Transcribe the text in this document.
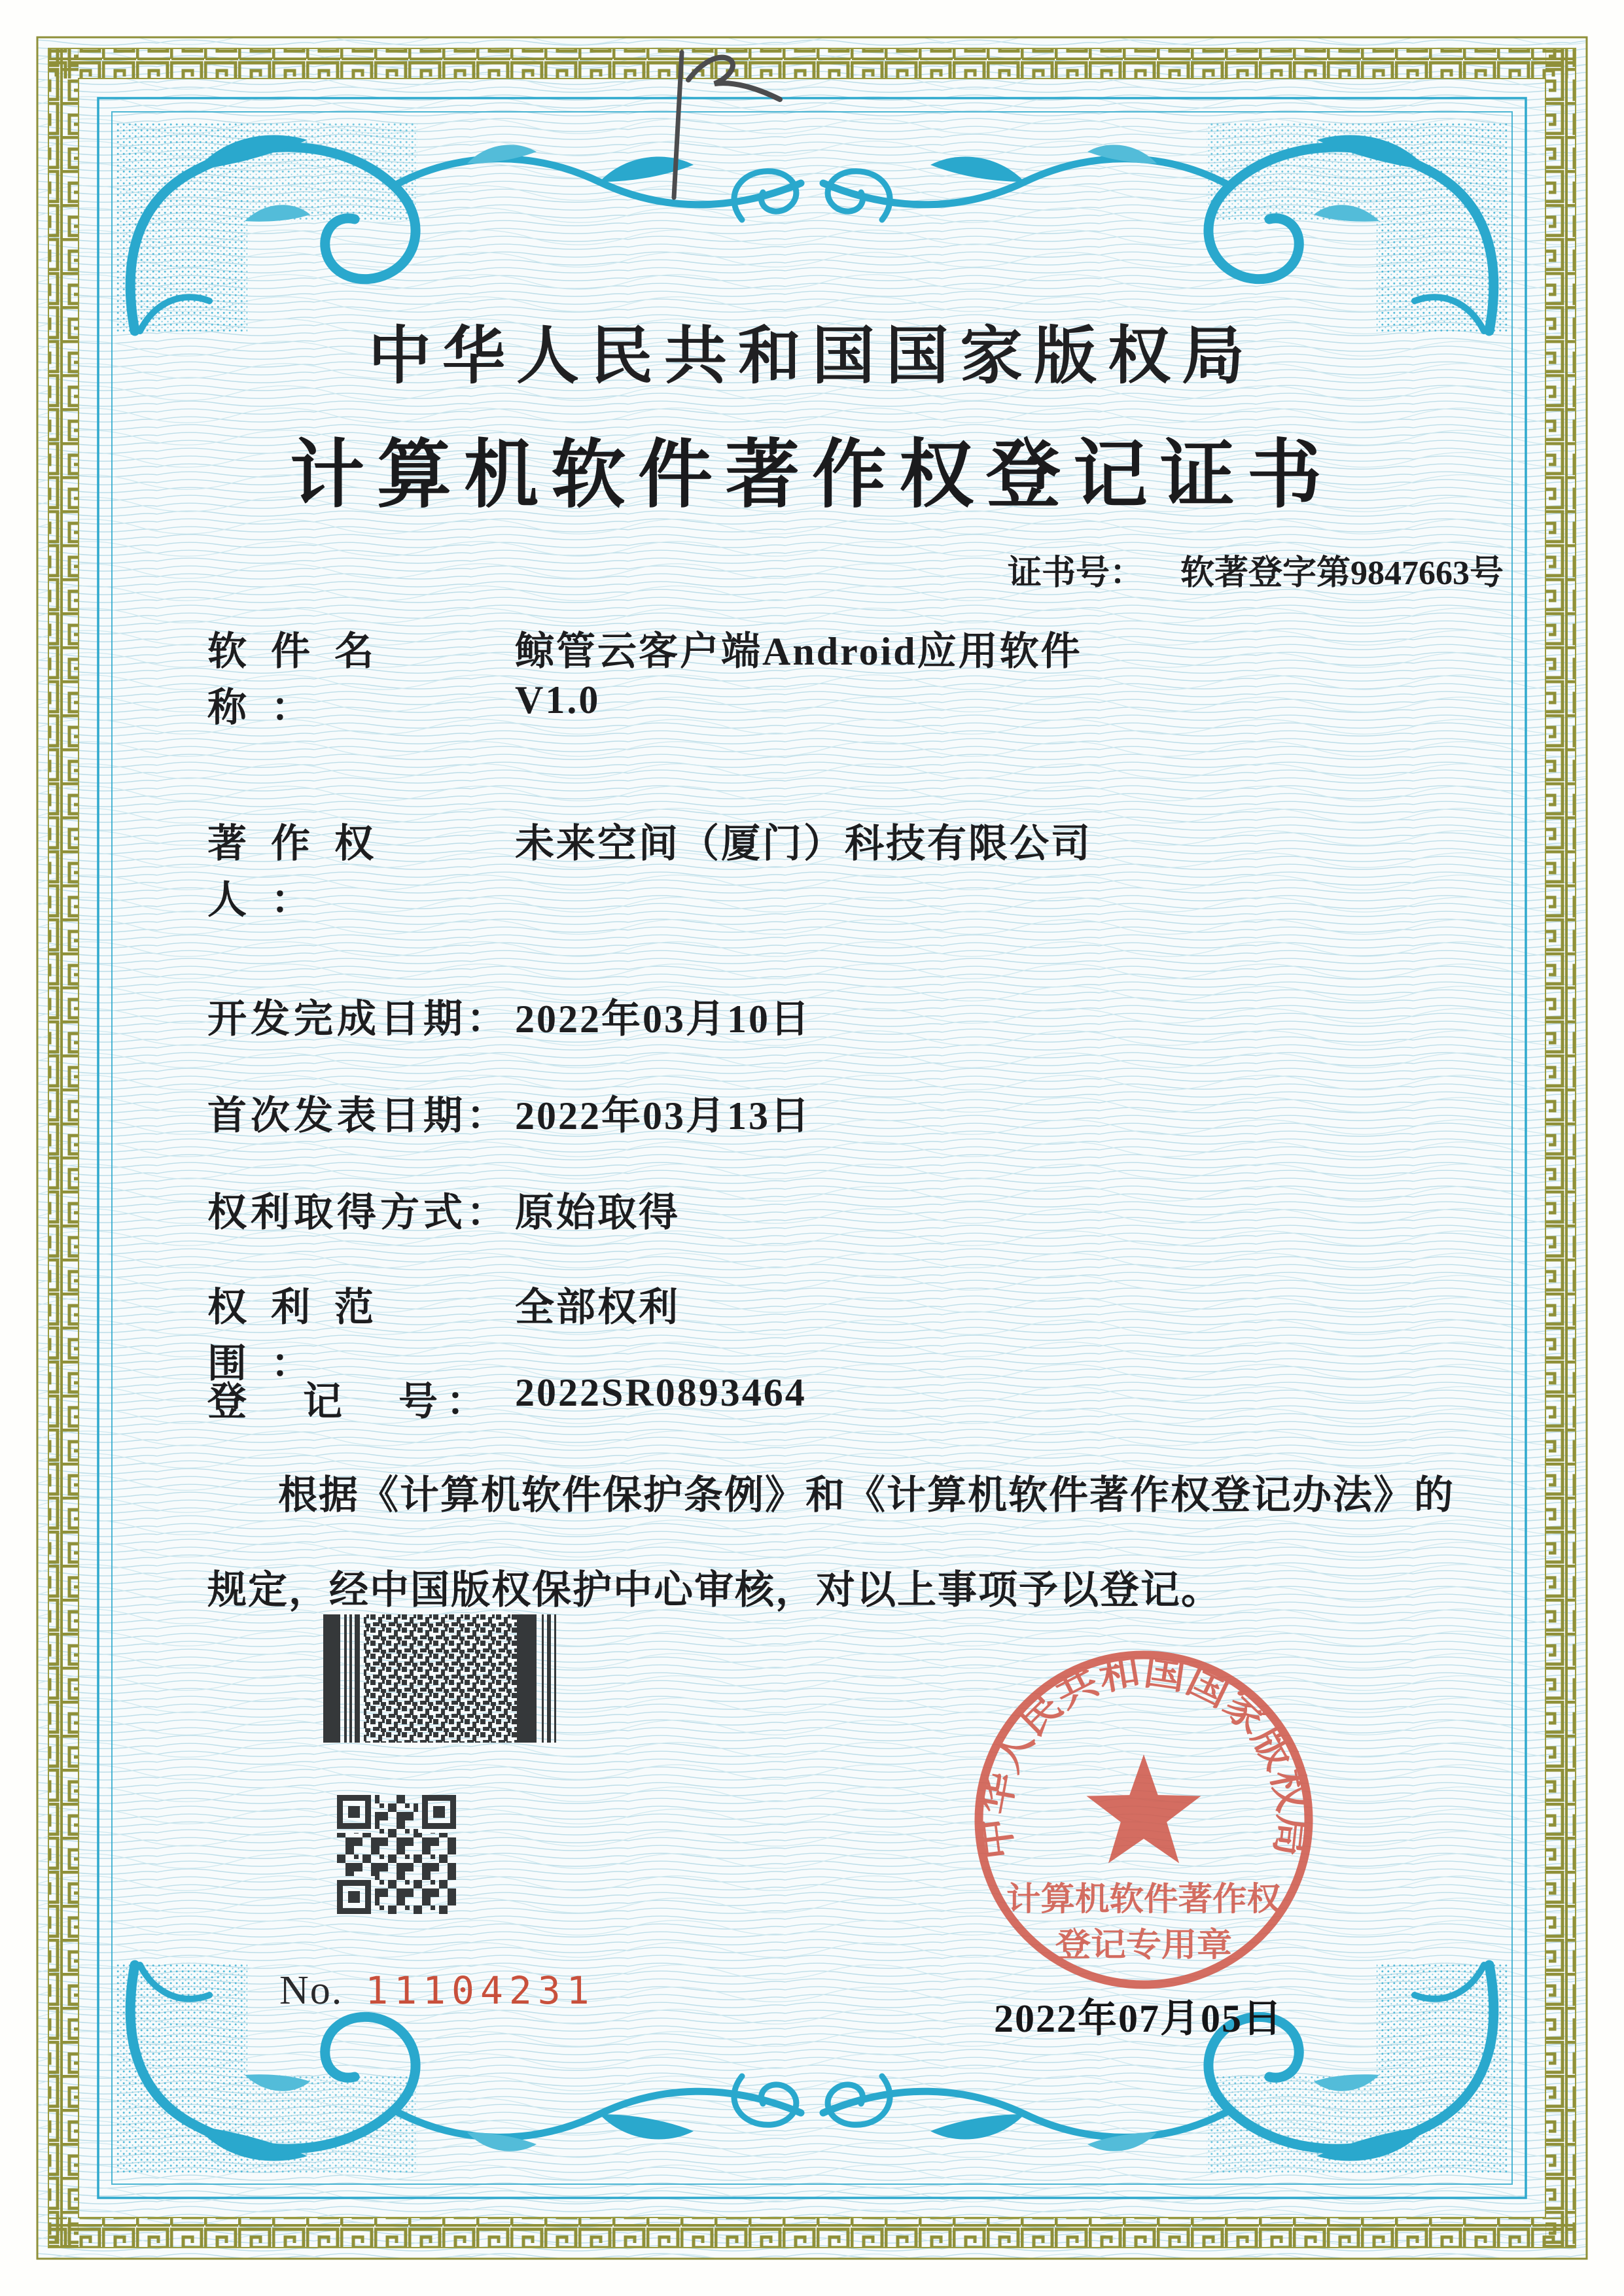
中华人民共和国国家版权局
计算机软件著作权登记证书
证书号： 软著登字第9847663号
软件名称：鲸管云客户端Android应用软件
V1.0
著作权人：未来空间（厦门）科技有限公司
开发完成日期： 2022年03月10日
首次发表日期： 2022年03月13日
权利取得方式： 原始取得
权利范围：全部权利
登　记　号： 2022SR0893464
根据《计算机软件保护条例》和《计算机软件著作权登记办法》的
规定，经中国版权保护中心审核，对以上事项予以登记。
中华人民共和国国家版权局
计算机软件著作权
登记专用章
No. 11104231
2022年07月05日
